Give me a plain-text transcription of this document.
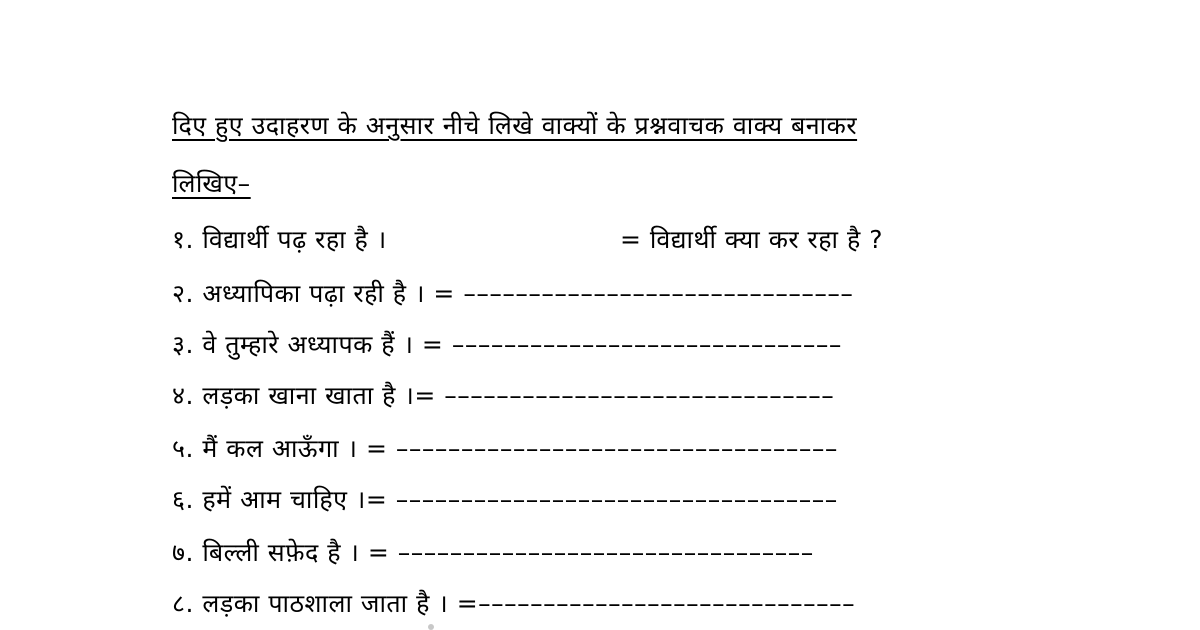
दिए हुए उदाहरण के अनुसार नीचे लिखे वाक्यों के प्रश्नवाचक वाक्य बनाकर
लिखिए–
१. विद्यार्थी पढ़ रहा है ।	= विद्यार्थी क्या कर रहा है ?
२. अध्यापिका पढ़ा रही है । = ––––––––––––––––––––––––––––––
३. वे तुम्हारे अध्यापक हैं । = ––––––––––––––––––––––––––––––
४. लड़का खाना खाता है ।= ––––––––––––––––––––––––––––––
५. मैं कल आऊँगा । = ––––––––––––––––––––––––––––––––––
६. हमें आम चाहिए ।= ––––––––––––––––––––––––––––––––––
७. बिल्ली सफ़ेद है । = ––––––––––––––––––––––––––––––––
८. लड़का पाठशाला जाता है । =–––––––––––––––––––––––––––––
